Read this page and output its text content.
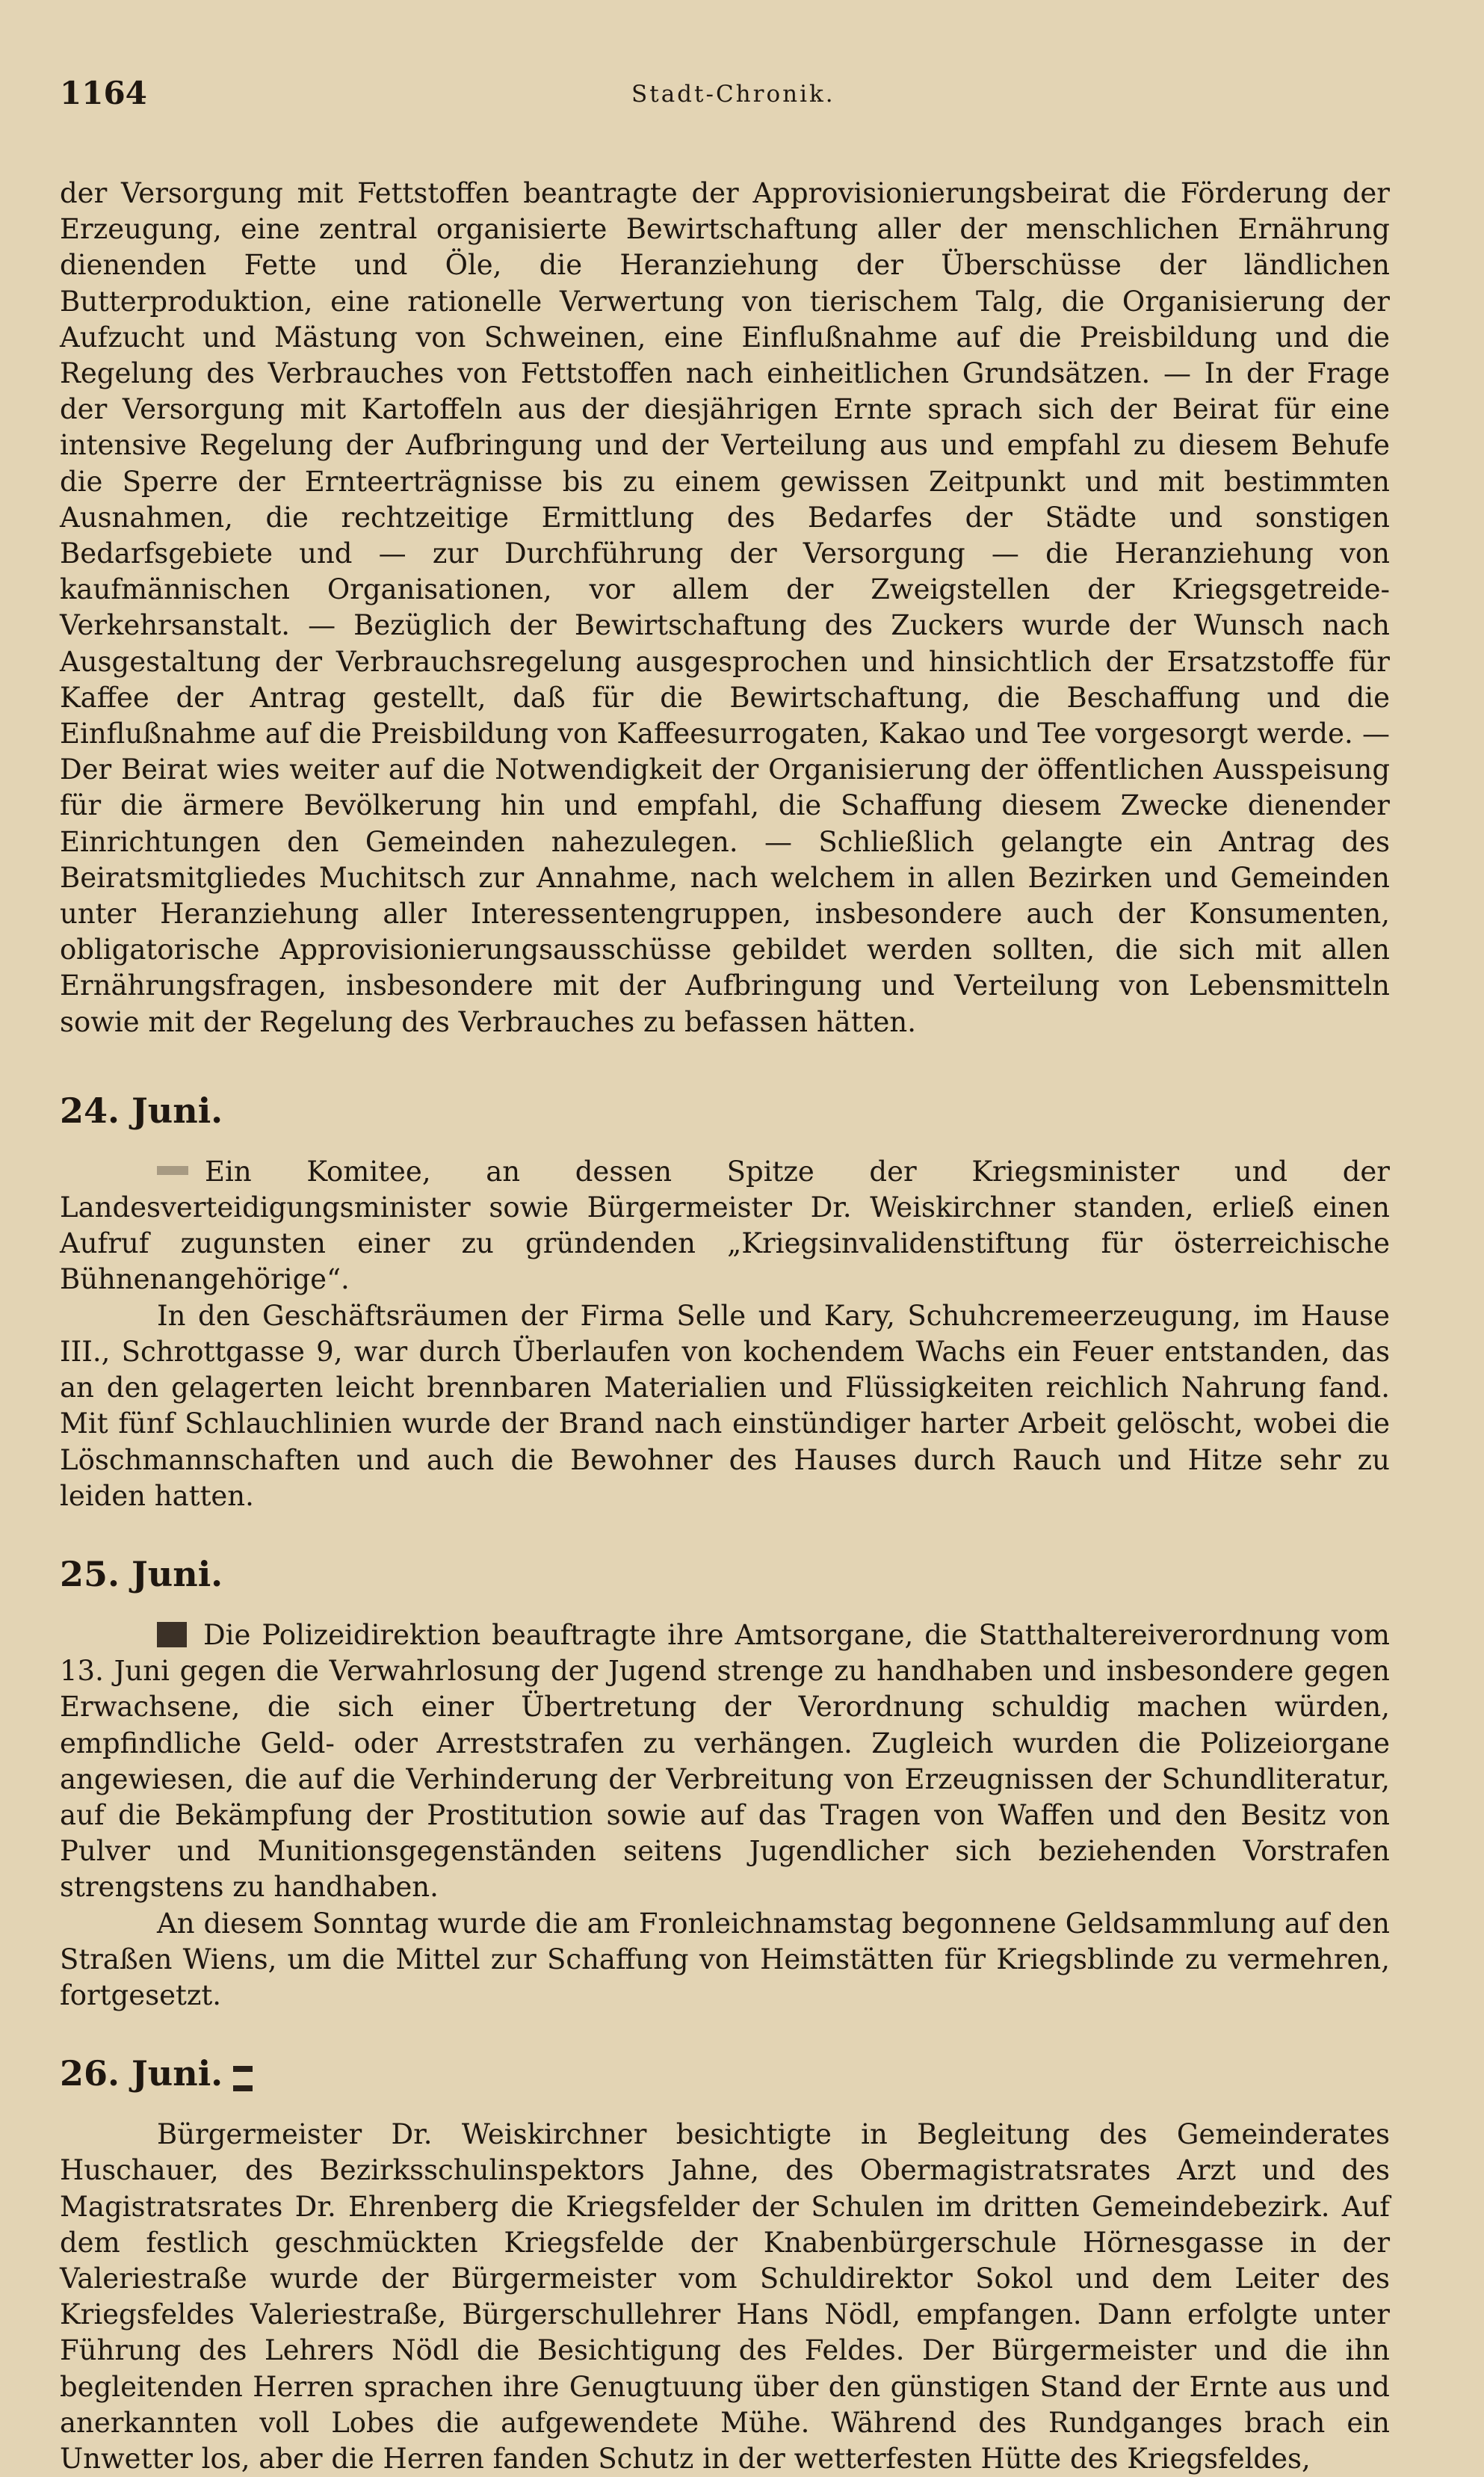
1164	Stadt-Chronik.

der Versorgung mit Fettstoffen beantragte der Approvisionierungsbeirat die Förderung der Erzeugung, eine zentral organisierte Bewirtschaftung aller der menschlichen Ernährung dienenden Fette und Öle, die Heranziehung der Überschüsse der ländlichen Butterproduktion, eine rationelle Verwertung von tierischem Talg, die Organisierung der Aufzucht und Mästung von Schweinen, eine Einflußnahme auf die Preisbildung und die Regelung des Verbrauches von Fettstoffen nach einheitlichen Grundsätzen. — In der Frage der Versorgung mit Kartoffeln aus der diesjährigen Ernte sprach sich der Beirat für eine intensive Regelung der Aufbringung und der Verteilung aus und empfahl zu diesem Behufe die Sperre der Ernteerträgnisse bis zu einem gewissen Zeitpunkt und mit bestimmten Ausnahmen, die rechtzeitige Ermittlung des Bedarfes der Städte und sonstigen Bedarfsgebiete und — zur Durchführung der Versorgung — die Heranziehung von kaufmännischen Organisationen, vor allem der Zweigstellen der Kriegsgetreide-Verkehrsanstalt. — Bezüglich der Bewirtschaftung des Zuckers wurde der Wunsch nach Ausgestaltung der Verbrauchsregelung ausgesprochen und hinsichtlich der Ersatzstoffe für Kaffee der Antrag gestellt, daß für die Bewirtschaftung, die Beschaffung und die Einflußnahme auf die Preisbildung von Kaffeesurrogaten, Kakao und Tee vorgesorgt werde. — Der Beirat wies weiter auf die Notwendigkeit der Organisierung der öffentlichen Ausspeisung für die ärmere Bevölkerung hin und empfahl, die Schaffung diesem Zwecke dienender Einrichtungen den Gemeinden nahezulegen. — Schließlich gelangte ein Antrag des Beiratsmitgliedes Muchitsch zur Annahme, nach welchem in allen Bezirken und Gemeinden unter Heranziehung aller Interessentengruppen, insbesondere auch der Konsumenten, obligatorische Approvisionierungsausschüsse gebildet werden sollten, die sich mit allen Ernährungsfragen, insbesondere mit der Aufbringung und Verteilung von Lebensmitteln sowie mit der Regelung des Verbrauches zu befassen hätten.

24. Juni.

Ein Komitee, an dessen Spitze der Kriegsminister und der Landesverteidigungsminister sowie Bürgermeister Dr. Weiskirchner standen, erließ einen Aufruf zugunsten einer zu gründenden „Kriegsinvalidenstiftung für österreichische Bühnenangehörige“.

In den Geschäftsräumen der Firma Selle und Kary, Schuhcremeerzeugung, im Hause III., Schrottgasse 9, war durch Überlaufen von kochendem Wachs ein Feuer entstanden, das an den gelagerten leicht brennbaren Materialien und Flüssigkeiten reichlich Nahrung fand. Mit fünf Schlauchlinien wurde der Brand nach einstündiger harter Arbeit gelöscht, wobei die Löschmannschaften und auch die Bewohner des Hauses durch Rauch und Hitze sehr zu leiden hatten.

25. Juni.

Die Polizeidirektion beauftragte ihre Amtsorgane, die Statthaltereiverordnung vom 13. Juni gegen die Verwahrlosung der Jugend strenge zu handhaben und insbesondere gegen Erwachsene, die sich einer Übertretung der Verordnung schuldig machen würden, empfindliche Geld- oder Arreststrafen zu verhängen. Zugleich wurden die Polizeiorgane angewiesen, die auf die Verhinderung der Verbreitung von Erzeugnissen der Schundliteratur, auf die Bekämpfung der Prostitution sowie auf das Tragen von Waffen und den Besitz von Pulver und Munitionsgegenständen seitens Jugendlicher sich beziehenden Vorstrafen strengstens zu handhaben.

An diesem Sonntag wurde die am Fronleichnamstag begonnene Geldsammlung auf den Straßen Wiens, um die Mittel zur Schaffung von Heimstätten für Kriegsblinde zu vermehren, fortgesetzt.

26. Juni.

Bürgermeister Dr. Weiskirchner besichtigte in Begleitung des Gemeinderates Huschauer, des Bezirksschulinspektors Jahne, des Obermagistratsrates Arzt und des Magistratsrates Dr. Ehrenberg die Kriegsfelder der Schulen im dritten Gemeindebezirk. Auf dem festlich geschmückten Kriegsfelde der Knabenbürgerschule Hörnesgasse in der Valeriestraße wurde der Bürgermeister vom Schuldirektor Sokol und dem Leiter des Kriegsfeldes Valeriestraße, Bürgerschullehrer Hans Nödl, empfangen. Dann erfolgte unter Führung des Lehrers Nödl die Besichtigung des Feldes. Der Bürgermeister und die ihn begleitenden Herren sprachen ihre Genugtuung über den günstigen Stand der Ernte aus und anerkannten voll Lobes die aufgewendete Mühe. Während des Rundganges brach ein Unwetter los, aber die Herren fanden Schutz in der wetterfesten Hütte des Kriegsfeldes,
